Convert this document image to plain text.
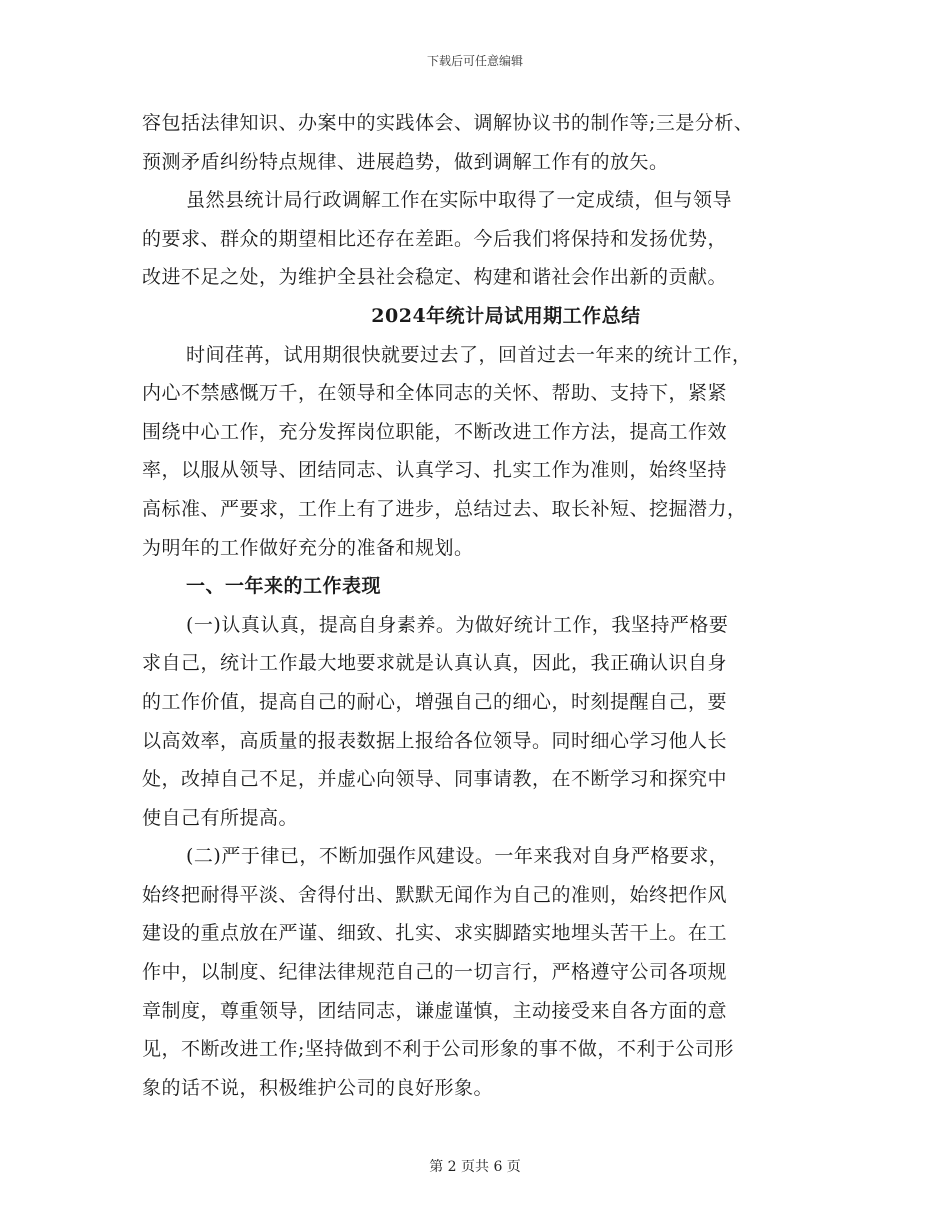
下载后可任意编辑
容包括法律知识、办案中的实践体会、调解协议书的制作等;三是分析、
预测矛盾纠纷特点规律、进展趋势，做到调解工作有的放矢。
虽然县统计局行政调解工作在实际中取得了一定成绩，但与领导
的要求、群众的期望相比还存在差距。今后我们将保持和发扬优势，
改进不足之处，为维护全县社会稳定、构建和谐社会作出新的贡献。
2024年统计局试用期工作总结
时间荏苒，试用期很快就要过去了，回首过去一年来的统计工作，
内心不禁感慨万千，在领导和全体同志的关怀、帮助、支持下，紧紧
围绕中心工作，充分发挥岗位职能，不断改进工作方法，提高工作效
率，以服从领导、团结同志、认真学习、扎实工作为准则，始终坚持
高标准、严要求，工作上有了进步，总结过去、取长补短、挖掘潜力，
为明年的工作做好充分的准备和规划。
一、一年来的工作表现
(一)认真认真，提高自身素养。为做好统计工作，我坚持严格要
求自己，统计工作最大地要求就是认真认真，因此，我正确认识自身
的工作价值，提高自己的耐心，增强自己的细心，时刻提醒自己，要
以高效率，高质量的报表数据上报给各位领导。同时细心学习他人长
处，改掉自己不足，并虚心向领导、同事请教，在不断学习和探究中
使自己有所提高。
(二)严于律已，不断加强作风建设。一年来我对自身严格要求，
始终把耐得平淡、舍得付出、默默无闻作为自己的准则，始终把作风
建设的重点放在严谨、细致、扎实、求实脚踏实地埋头苦干上。在工
作中，以制度、纪律法律规范自己的一切言行，严格遵守公司各项规
章制度，尊重领导，团结同志，谦虚谨慎，主动接受来自各方面的意
见，不断改进工作;坚持做到不利于公司形象的事不做，不利于公司形
象的话不说，积极维护公司的良好形象。
第 2 页共 6 页
